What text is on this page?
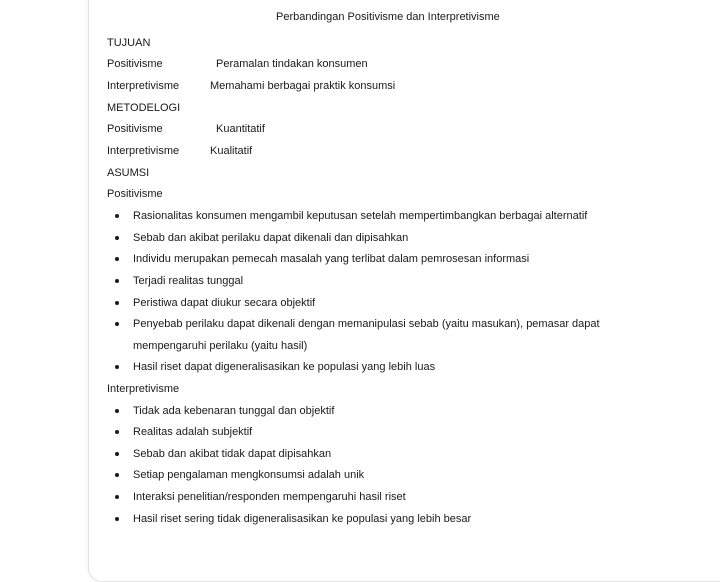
Perbandingan Positivisme dan Interpretivisme
TUJUAN
Positivisme	Peramalan tindakan konsumen
Interpretivisme	Memahami berbagai praktik konsumsi
METODELOGI
Positivisme	Kuantitatif
Interpretivisme	Kualitatif
ASUMSI
Positivisme
Rasionalitas konsumen mengambil keputusan setelah mempertimbangkan berbagai alternatif
Sebab dan akibat perilaku dapat dikenali dan dipisahkan
Individu merupakan pemecah masalah yang terlibat dalam pemrosesan informasi
Terjadi realitas tunggal
Peristiwa dapat diukur secara objektif
Penyebab perilaku dapat dikenali dengan memanipulasi sebab (yaitu masukan), pemasar dapat
mempengaruhi perilaku (yaitu hasil)
Hasil riset dapat digeneralisasikan ke populasi yang lebih luas
Interpretivisme
Tidak ada kebenaran tunggal dan objektif
Realitas adalah subjektif
Sebab dan akibat tidak dapat dipisahkan
Setiap pengalaman mengkonsumsi adalah unik
Interaksi penelitian/responden mempengaruhi hasil riset
Hasil riset sering tidak digeneralisasikan ke populasi yang lebih besar
